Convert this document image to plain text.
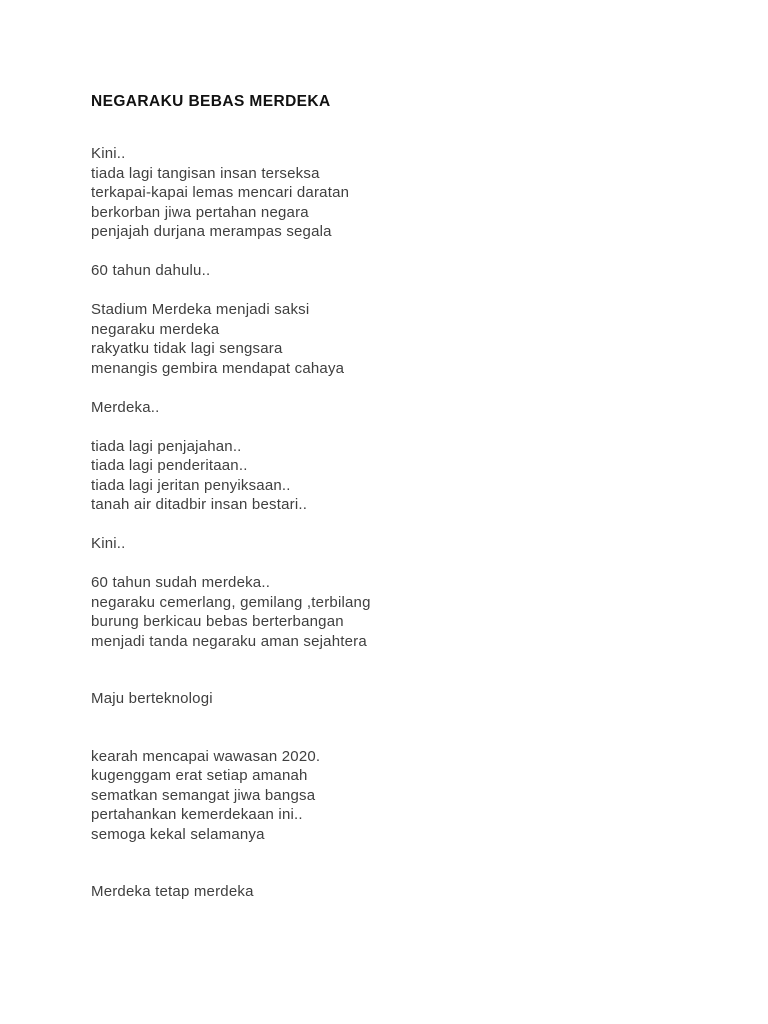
NEGARAKU BEBAS MERDEKA

Kini..

tiada lagi tangisan insan terseksa

terkapai-kapai lemas mencari daratan

berkorban jiwa pertahan negara

penjajah durjana merampas segala

60 tahun dahulu..

Stadium Merdeka menjadi saksi

negaraku merdeka

rakyatku tidak lagi sengsara

menangis gembira mendapat cahaya

Merdeka..

tiada lagi penjajahan..

tiada lagi penderitaan..

tiada lagi jeritan penyiksaan..

tanah air ditadbir insan bestari..

Kini..

60 tahun sudah merdeka..

negaraku cemerlang, gemilang ,terbilang

burung berkicau bebas berterbangan

menjadi tanda negaraku aman sejahtera

Maju berteknologi

kearah mencapai wawasan 2020.

kugenggam erat setiap amanah

sematkan semangat jiwa bangsa

pertahankan kemerdekaan ini..

semoga kekal selamanya

Merdeka tetap merdeka
